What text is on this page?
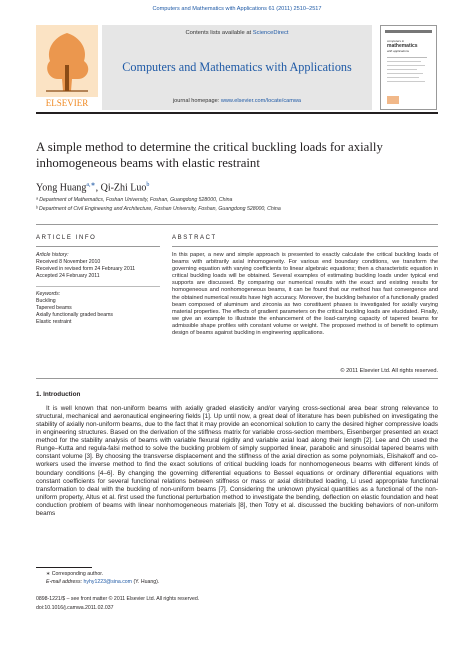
Computers and Mathematics with Applications 61 (2011) 2510–2517
ELSEVIER
Contents lists available at ScienceDirect
Computers and Mathematics with Applications
journal homepage: www.elsevier.com/locate/camwa
computers &
mathematics
with applications
A simple method to determine the critical buckling loads for axially inhomogeneous beams with elastic restraint
Yong Huang$^{a,∗}$, Qi-Zhi Luo$^b$
ᵃ Department of Mathematics, Foshan University, Foshan, Guangdong 528000, China
ᵇ Department of Civil Engineering and Architecture, Foshan University, Foshan, Guangdong 528000, China
ARTICLE INFO	ABSTRACT
Article history:
Received 8 November 2010
Received in revised form 24 February 2011
Accepted 24 February 2011
Keywords:
Buckling
Tapered beams
Axially functionally graded beams
Elastic restraint
In this paper, a new and simple approach is presented to exactly calculate the critical buckling loads of beams with arbitrarily axial inhomogeneity. For various end boundary conditions, we transform the governing equation with varying coefficients to linear algebraic equations; then a characteristic equation in critical buckling loads will be obtained. Several examples of estimating buckling loads under typical end supports are discussed. By comparing our numerical results with the exact and existing results for homogeneous and nonhomogeneous beams, it can be found that our method has fast convergence and the obtained numerical results have high accuracy. Moreover, the buckling behavior of a functionally graded beam composed of aluminum and zirconia as two constituent phases is investigated for axially varying material properties. The effects of gradient parameters on the critical buckling loads are elucidated. Finally, we give an example to illustrate the enhancement of the load-carrying capacity of tapered beams for admissible shape profiles with constant volume or weight. The proposed method is of benefit to optimum design of beams against buckling in engineering applications.
© 2011 Elsevier Ltd. All rights reserved.
1. Introduction
It is well known that non-uniform beams with axially graded elasticity and/or varying cross-sectional area bear strong relevance to structural, mechanical and aeronautical engineering fields [1]. Up until now, a great deal of literature has been published on investigating the stability of axially non-uniform beams, due to the fact that it may provide an economical solution to carry the desired higher compressive loads in engineering structures. Based on the derivation of the stiffness matrix for variable cross-section members, Eisenberger presented an exact method for the stability analysis of beams with variable flexural rigidity and variable axial load along their length [2]. Lee and Oh used the Runge–Kutta and regula-falsi method to solve the buckling problem of simply supported linear, parabolic and sinusoidal tapered beams with constant volume [3]. By choosing the transverse displacement and the stiffness of the axial direction as some polynomials, Elishakoff and co-workers used the inverse method to find the exact solutions of critical buckling loads for nonhomogeneous beams with different kinds of boundary conditions [4–6]. By changing the governing differential equations to Bessel equations or ordinary differential equations with constant coefficients for several functional relations between stiffness or mass or axial distributed loading, Li used appropriate functional transformation to deal with the buckling of non-uniform beams [7]. Considering the unknown physical quantities as a functional of the non-uniform property, Altus et al. first used the functional perturbation method to investigate the bending, deflection on elastic foundation and heat conduction problem of beams with linear nonhomogeneous materials [8], then Totry et al. discussed the buckling behaviors of non-uniform beams
∗ Corresponding author.
E-mail address: hyhy1223@sina.com (Y. Huang).
0898-1221/$ – see front matter © 2011 Elsevier Ltd. All rights reserved.
doi:10.1016/j.camwa.2011.02.037
